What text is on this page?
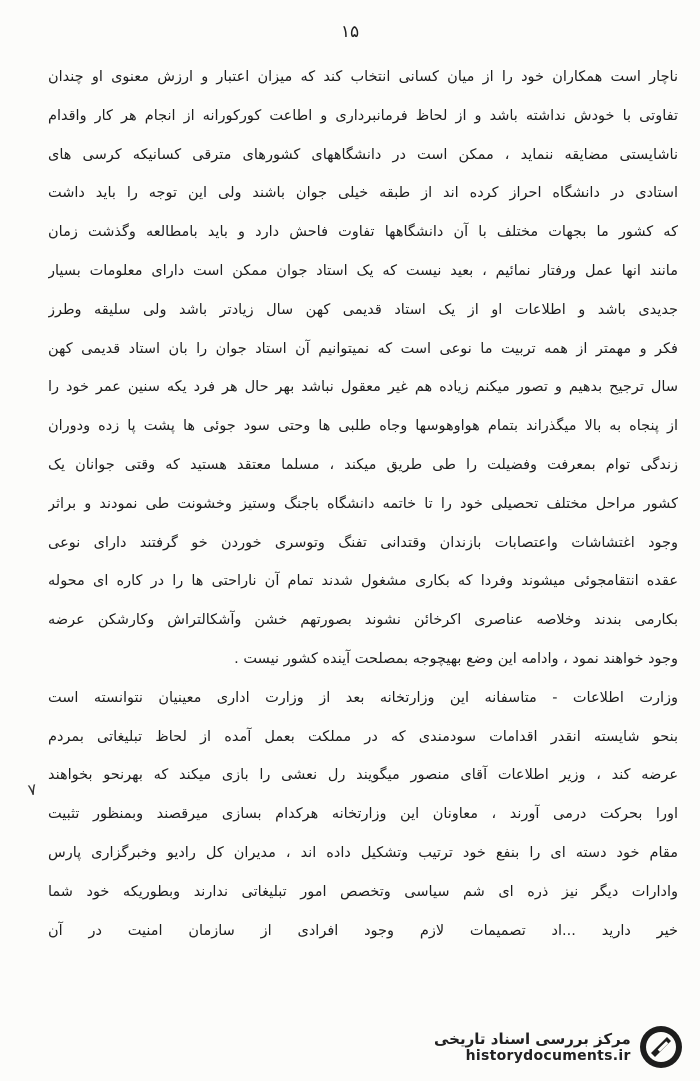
۱۵
ناچار است همکاران خود را از میان کسانی انتخاب کند که میزان اعتبار و ارزش معنوی او چندان
تفاوتی با خودش نداشته باشد و از لحاظ فرمانبرداری و اطاعت کورکورانه از انجام هر کار واقدام
ناشایستی مضایقه ننماید ، ممکن است در دانشگاههای کشورهای مترقی کسانیکه کرسی های
استادی در دانشگاه احراز کرده اند از طبقه خیلی جوان باشند ولی این توجه را باید داشت
که کشور ما بجهات مختلف با آن دانشگاهها تفاوت فاحش دارد و باید بامطالعه وگذشت زمان
مانند انها عمل ورفتار نمائیم ، بعید نیست که یک استاد جوان ممکن است دارای معلومات بسیار
جدیدی باشد و اطلاعات او از یک استاد قدیمی کهن سال زیادتر باشد ولی سلیقه وطرز
فکر و مهمتر از همه تربیت ما نوعی است که نمیتوانیم آن استاد جوان را بان استاد قدیمی کهن
سال ترجیح بدهیم و تصور میکنم زیاده هم غیر معقول نباشد بهر حال هر فرد یکه سنین عمر خود را
از پنجاه به بالا میگذراند بتمام هواوهوسها وجاه طلبی ها وحتی سود جوئی ها پشت پا زده ودوران
زندگی توام بمعرفت وفضیلت را طی طریق میکند ، مسلما معتقد هستید که وقتی جوانان یک
کشور مراحل مختلف تحصیلی خود را تا خاتمه دانشگاه باجنگ وستیز وخشونت طی نمودند و براثر
وجود اغتشاشات واعتصابات بازندان وقتدانی تفنگ وتوسری خوردن خو گرفتند دارای نوعی
عقده انتقامجوئی میشوند وفردا که بکاری مشغول شدند تمام آن ناراحتی ها را در کاره ای محوله
بکارمی بندند وخلاصه عناصری اکرخائن نشوند بصورتهم خشن وآشکالتراش وکارشکن عرضه
وجود خواهند نمود ، وادامه این وضع بهیچوجه بمصلحت آینده کشور نیست .
وزارت اطلاعات - متاسفانه این وزارتخانه بعد از وزارت اداری معینیان نتوانسته است
بنحو شایسته انقدر اقدامات سودمندی که در مملکت بعمل آمده از لحاظ تبلیغاتی بمردم
عرضه کند ، وزیر اطلاعات آقای منصور میگویند رل نعشی را بازی میکند که بهرنحو بخواهند
اورا بحرکت درمی آورند ، معاونان این وزارتخانه هرکدام بسازی میرقصند وبمنظور تثبیت
مقام خود دسته ای را بنفع خود ترتیب وتشکیل داده اند ، مدیران کل رادیو وخبرگزاری پارس
وادارات دیگر نیز ذره ای شم سیاسی وتخصص امور تبلیغاتی ندارند وبطوریکه خود شما
خیر دارید ...اد تصمیمات لازم وجود افرادی از سازمان امنیت در آن
٧
مرکز بررسی اسناد تاریخی
historydocuments.ir
